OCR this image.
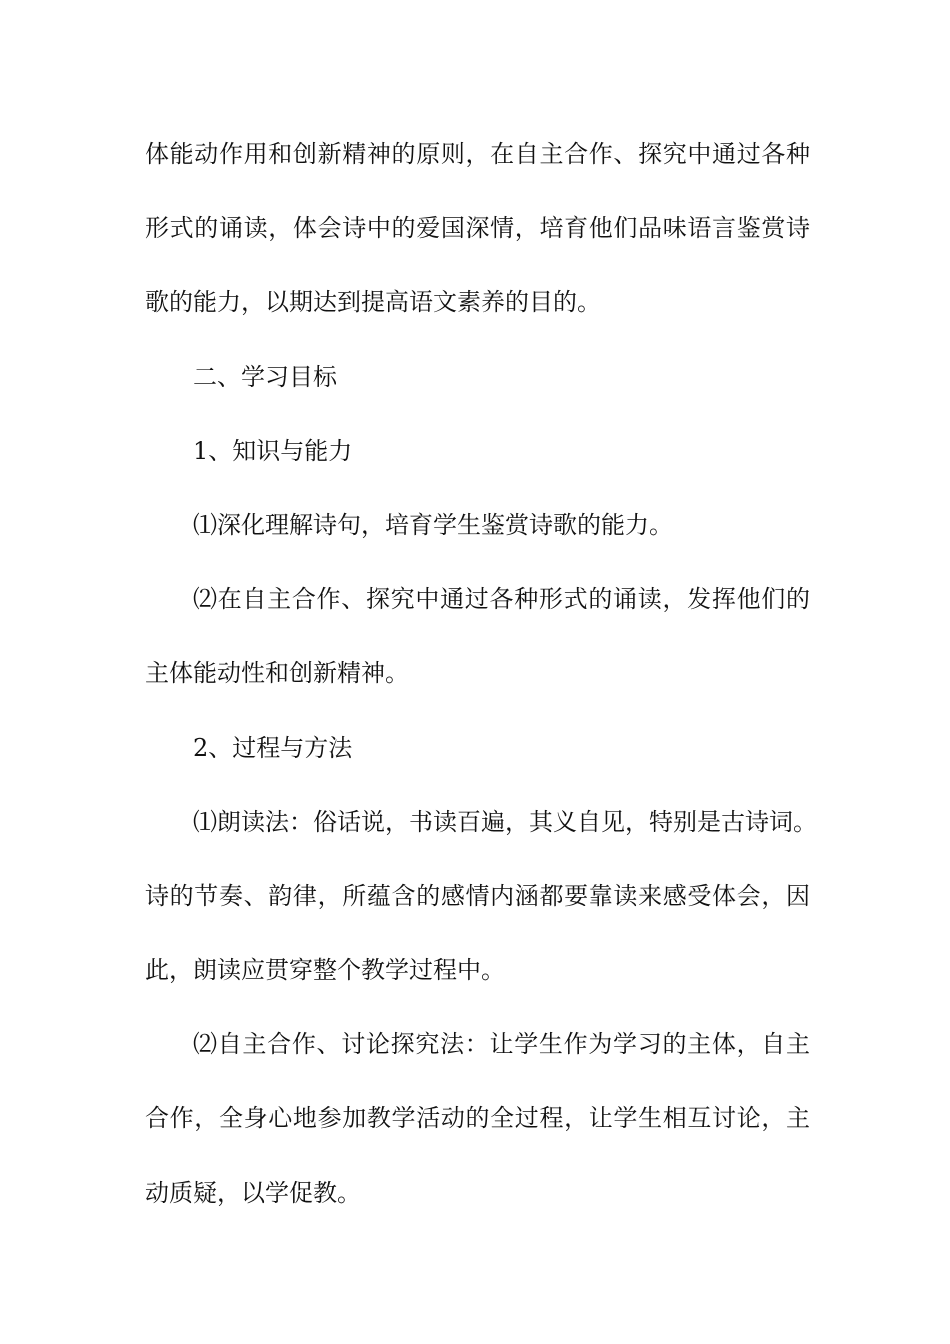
体能动作用和创新精神的原则，在自主合作、探究中通过各种
形式的诵读，体会诗中的爱国深情，培育他们品味语言鉴赏诗
歌的能力，以期达到提高语文素养的目的。
二、学习目标
1、知识与能力
⑴深化理解诗句，培育学生鉴赏诗歌的能力。
⑵在自主合作、探究中通过各种形式的诵读，发挥他们的
主体能动性和创新精神。
2、过程与方法
⑴朗读法：俗话说，书读百遍，其义自见，特别是古诗词。
诗的节奏、韵律，所蕴含的感情内涵都要靠读来感受体会，因
此，朗读应贯穿整个教学过程中。
⑵自主合作、讨论探究法：让学生作为学习的主体，自主
合作，全身心地参加教学活动的全过程，让学生相互讨论，主
动质疑，以学促教。
